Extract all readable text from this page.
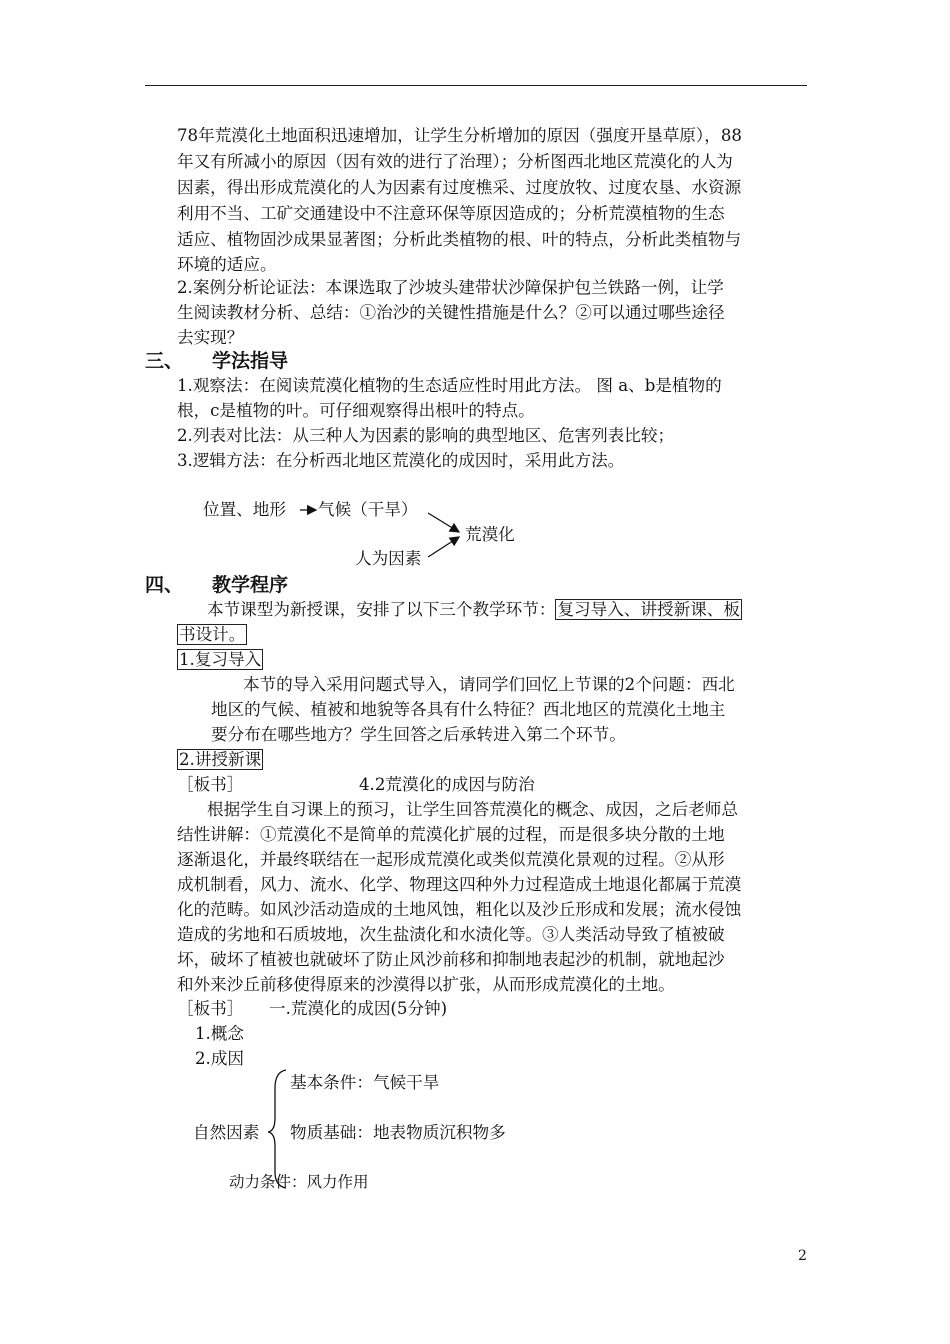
78年荒漠化土地面积迅速增加，让学生分析增加的原因（强度开垦草原），88
年又有所减小的原因（因有效的进行了治理）；分析图西北地区荒漠化的人为
因素，得出形成荒漠化的人为因素有过度樵采、过度放牧、过度农垦、水资源
利用不当、工矿交通建设中不注意环保等原因造成的；分析荒漠植物的生态
适应、植物固沙成果显著图；分析此类植物的根、叶的特点，分析此类植物与
环境的适应。
2.案例分析论证法：本课选取了沙坡头建带状沙障保护包兰铁路一例，让学
生阅读教材分析、总结：①治沙的关键性措施是什么？②可以通过哪些途径
去实现？
三、 学法指导
1.观察法：在阅读荒漠化植物的生态适应性时用此方法。 图 a、b是植物的
根，c是植物的叶。可仔细观察得出根叶的特点。
2.列表对比法：从三种人为因素的影响的典型地区、危害列表比较；
3.逻辑方法：在分析西北地区荒漠化的成因时，采用此方法。
位置、地形 气候（干旱）
人为因素
荒漠化
四、 教学程序
本节课型为新授课，安排了以下三个教学环节： 复习导入、讲授新课、板
书设计。
1.复习导入
本节的导入采用问题式导入，请同学们回忆上节课的2个问题：西北
地区的气候、植被和地貌等各具有什么特征？西北地区的荒漠化土地主
要分布在哪些地方？学生回答之后承转进入第二个环节。
2.讲授新课
［板书］	4.2荒漠化的成因与防治
根据学生自习课上的预习，让学生回答荒漠化的概念、成因，之后老师总
结性讲解：①荒漠化不是简单的荒漠化扩展的过程，而是很多块分散的土地
逐渐退化，并最终联结在一起形成荒漠化或类似荒漠化景观的过程。②从形
成机制看，风力、流水、化学、物理这四种外力过程造成土地退化都属于荒漠
化的范畴。如风沙活动造成的土地风蚀，粗化以及沙丘形成和发展；流水侵蚀
造成的劣地和石质坡地，次生盐渍化和水渍化等。③人类活动导致了植被破
坏，破坏了植被也就破坏了防止风沙前移和抑制地表起沙的机制，就地起沙
和外来沙丘前移使得原来的沙漠得以扩张，从而形成荒漠化的土地。
［板书］ 一.荒漠化的成因(5分钟)
1.概念
2.成因
基本条件：气候干旱
自然因素 物质基础：地表物质沉积物多
动力条件：风力作用
2
